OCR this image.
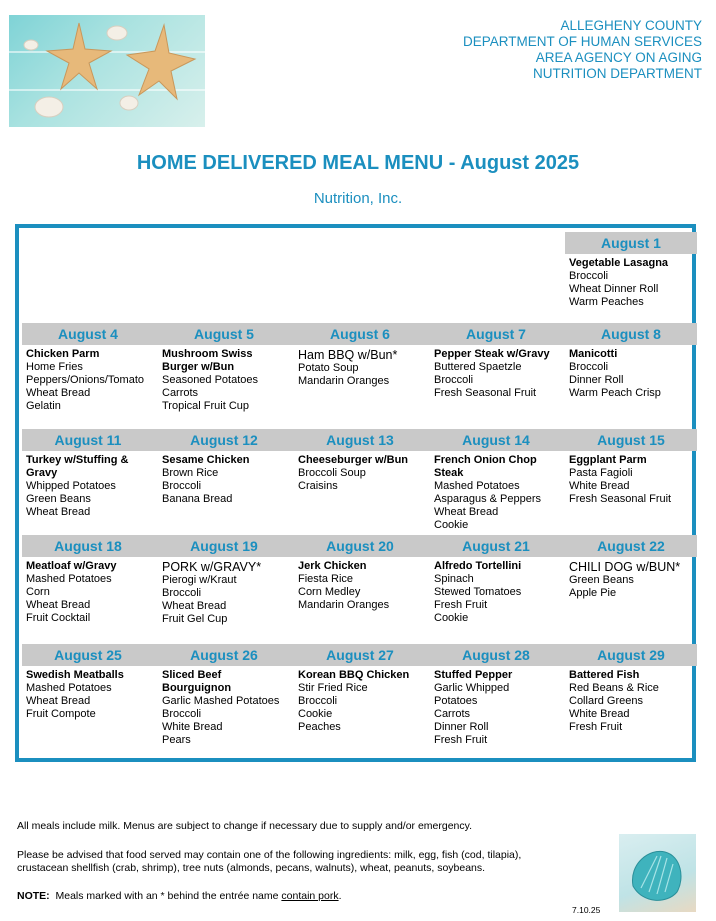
ALLEGHENY COUNTY
DEPARTMENT OF HUMAN SERVICES
AREA AGENCY ON AGING
NUTRITION DEPARTMENT
HOME DELIVERED MEAL MENU - August 2025
Nutrition, Inc.
August 1
Vegetable Lasagna
Broccoli
Wheat Dinner Roll
Warm Peaches
August 4
Chicken Parm
Home Fries
Peppers/Onions/Tomato
Wheat Bread
Gelatin
August 5
Mushroom Swiss
Burger w/Bun
Seasoned Potatoes
Carrots
Tropical Fruit Cup
August 6
Ham BBQ w/Bun*
Potato Soup
Mandarin Oranges
August 7
Pepper Steak w/Gravy
Buttered Spaetzle
Broccoli
Fresh Seasonal Fruit
August 8
Manicotti
Broccoli
Dinner Roll
Warm Peach Crisp
August 11
Turkey w/Stuffing &
Gravy
Whipped Potatoes
Green Beans
Wheat Bread
August 12
Sesame Chicken
Brown Rice
Broccoli
Banana Bread
August 13
Cheeseburger w/Bun
Broccoli Soup
Craisins
August 14
French Onion Chop
Steak
Mashed Potatoes
Asparagus & Peppers
Wheat Bread
Cookie
August 15
Eggplant Parm
Pasta Fagioli
White Bread
Fresh Seasonal Fruit
August 18
Meatloaf w/Gravy
Mashed Potatoes
Corn
Wheat Bread
Fruit Cocktail
August 19
PORK w/GRAVY*
Pierogi w/Kraut
Broccoli
Wheat Bread
Fruit Gel Cup
August 20
Jerk Chicken
Fiesta Rice
Corn Medley
Mandarin Oranges
August 21
Alfredo Tortellini
Spinach
Stewed Tomatoes
Fresh Fruit
Cookie
August 22
CHILI DOG w/BUN*
Green Beans
Apple Pie
August 25
Swedish Meatballs
Mashed Potatoes
Wheat Bread
Fruit Compote
August 26
Sliced Beef
Bourguignon
Garlic Mashed Potatoes
Broccoli
White Bread
Pears
August 27
Korean BBQ Chicken
Stir Fried Rice
Broccoli
Cookie
Peaches
August 28
Stuffed Pepper
Garlic Whipped
Potatoes
Carrots
Dinner Roll
Fresh Fruit
August 29
Battered Fish
Red Beans & Rice
Collard Greens
White Bread
Fresh Fruit
All meals include milk. Menus are subject to change if necessary due to supply and/or emergency.
Please be advised that food served may contain one of the following ingredients: milk, egg, fish (cod, tilapia),
crustacean shellfish (crab, shrimp), tree nuts (almonds, pecans, walnuts), wheat, peanuts, soybeans.
NOTE:  Meals marked with an * behind the entrée name contain pork.
7.10.25
